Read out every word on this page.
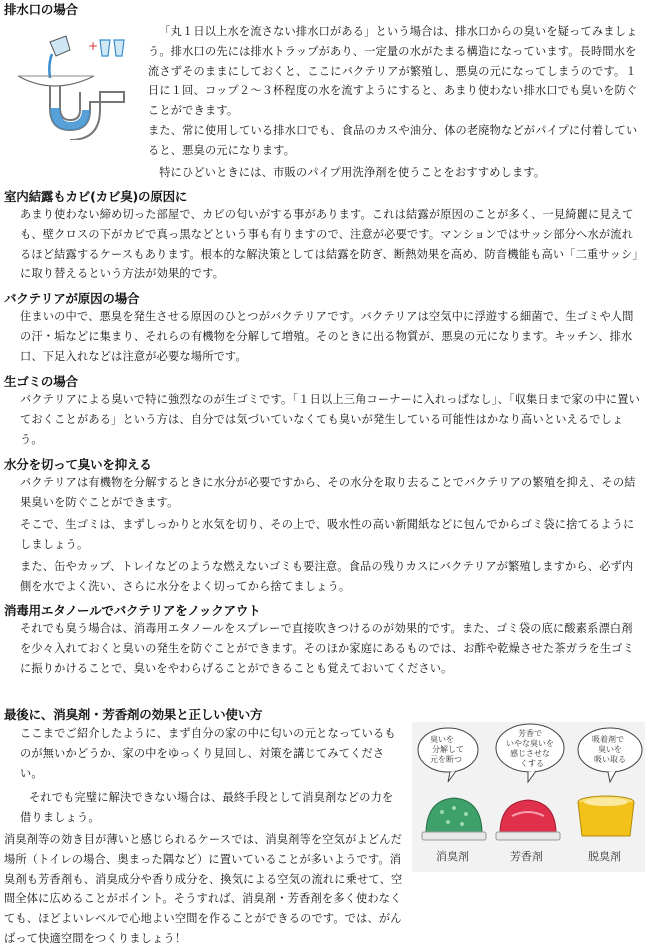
排水口の場合
+

「丸１日以上水を流さない排水口がある」という場合は、排水口からの臭いを疑ってみましょう。排水口の先には排水トラップがあり、一定量の水がたまる構造になっています。長時間水を流さずそのままにしておくと、ここにバクテリアが繁殖し、悪臭の元になってしまうのです。１日に１回、コップ２～３杯程度の水を流すようにすると、あまり使わない排水口でも臭いを防ぐことができます。

また、常に使用している排水口でも、食品のカスや油分、体の老廃物などがパイプに付着していると、悪臭の元になります。

特にひどいときには、市販のパイプ用洗浄剤を使うことをおすすめします。

室内結露もカビ(カビ臭)の原因に

あまり使わない締め切った部屋で、カビの匂いがする事があります。これは結露が原因のことが多く、一見綺麗に見えても、壁クロスの下がカビで真っ黒などという事も有りますので、注意が必要です。マンションではサッシ部分へ水が流れるほど結露するケースもあります。根本的な解決策としては結露を防ぎ、断熱効果を高め、防音機能も高い「二重サッシ」に取り替えるという方法が効果的です。

バクテリアが原因の場合

住まいの中で、悪臭を発生させる原因のひとつがバクテリアです。バクテリアは空気中に浮遊する細菌で、生ゴミや人間の汗・垢などに集まり、それらの有機物を分解して増殖。そのときに出る物質が、悪臭の元になります。キッチン、排水口、下足入れなどは注意が必要な場所です。

生ゴミの場合

バクテリアによる臭いで特に強烈なのが生ゴミです。「１日以上三角コーナーに入れっぱなし」、「収集日まで家の中に置いておくことがある」という方は、自分では気づいていなくても臭いが発生している可能性はかなり高いといえるでしょう。

水分を切って臭いを抑える

バクテリアは有機物を分解するときに水分が必要ですから、その水分を取り去ることでバクテリアの繁殖を抑え、その結果臭いを防ぐことができます。

そこで、生ゴミは、まずしっかりと水気を切り、その上で、吸水性の高い新聞紙などに包んでからゴミ袋に捨てるようにしましょう。

また、缶やカップ、トレイなどのような燃えないゴミも要注意。食品の残りカスにバクテリアが繁殖しますから、必ず内側を水でよく洗い、さらに水分をよく切ってから捨てましょう。

消毒用エタノールでバクテリアをノックアウト

それでも臭う場合は、消毒用エタノールをスプレーで直接吹きつけるのが効果的です。また、ゴミ袋の底に酸素系漂白剤を少々入れておくと臭いの発生を防ぐことができます。そのほか家庭にあるものでは、お酢や乾燥させた茶ガラを生ゴミに振りかけることで、臭いをやわらげることができることも覚えておいてください。

最後に、消臭剤・芳香剤の効果と正しい使い方

ここまでご紹介したように、まず自分の家の中に匂いの元となっているものが無いかどうか、家の中をゆっくり見回し、対策を講じてみてください。

それでも完璧に解決できない場合は、最終手段として消臭剤などの力を借りましょう。

消臭剤等の効き目が薄いと感じられるケースでは、消臭剤等を空気がよどんだ場所（トイレの場合、奥まった隅など）に置いていることが多いようです。消臭剤も芳香剤も、消臭成分や香り成分を、換気による空気の流れに乗せて、空間全体に広めることがポイント。そうすれば、消臭剤・芳香剤を多く使わなくても、ほどよいレベルで心地よい空間を作ることができるのです。では、がんばって快適空間をつくりましょう！

臭いを
分解して
元を断つ
芳香で
いやな臭いを
感じさせな
くする
吸着剤で
臭いを
吸い取る
消臭剤	芳香剤	脱臭剤
